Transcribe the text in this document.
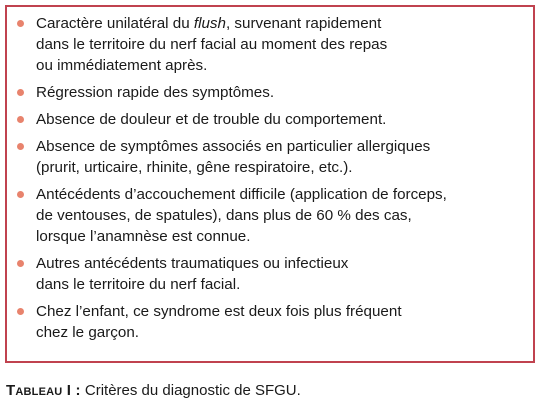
Caractère unilatéral du flush, survenant rapidement
dans le territoire du nerf facial au moment des repas
ou immédiatement après.
Régression rapide des symptômes.
Absence de douleur et de trouble du comportement.
Absence de symptômes associés en particulier allergiques
(prurit, urticaire, rhinite, gêne respiratoire, etc.).
Antécédents d’accouchement difficile (application de forceps,
de ventouses, de spatules), dans plus de 60 % des cas,
lorsque l’anamnèse est connue.
Autres antécédents traumatiques ou infectieux
dans le territoire du nerf facial.
Chez l’enfant, ce syndrome est deux fois plus fréquent
chez le garçon.
Tableau I : Critères du diagnostic de SFGU.
